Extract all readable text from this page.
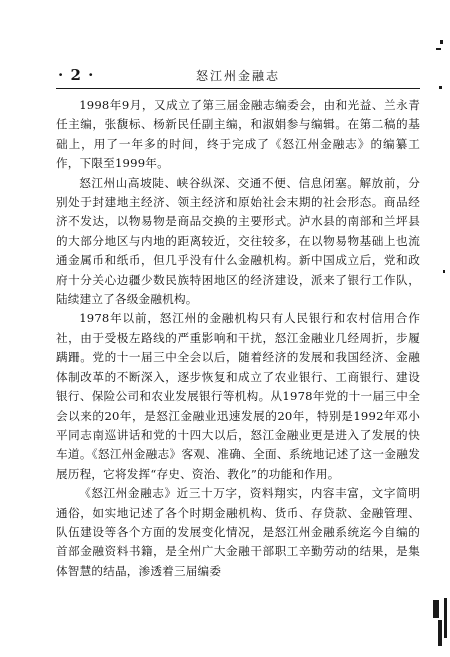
· 2 ·	怒江州金融志

1998年9月，又成立了第三届金融志编委会，由和光益、兰永青任主编，张馥标、杨新民任副主编，和淑娟参与编辑。在第二稿的基础上，用了一年多的时间，终于完成了《怒江州金融志》的编纂工作，下限至1999年。

怒江州山高坡陡、峡谷纵深、交通不便、信息闭塞。解放前，分别处于封建地主经济、领主经济和原始社会末期的社会形态。商品经济不发达，以物易物是商品交换的主要形式。泸水县的南部和兰坪县的大部分地区与内地的距离较近，交往较多，在以物易物基础上也流通金属币和纸币，但几乎没有什么金融机构。新中国成立后，党和政府十分关心边疆少数民族特困地区的经济建设，派来了银行工作队，陆续建立了各级金融机构。

1978年以前，怒江州的金融机构只有人民银行和农村信用合作社，由于受极左路线的严重影响和干扰，怒江金融业几经周折，步履蹒跚。党的十一届三中全会以后，随着经济的发展和我国经济、金融体制改革的不断深入，逐步恢复和成立了农业银行、工商银行、建设银行、保险公司和农业发展银行等机构。从1978年党的十一届三中全会以来的20年，是怒江金融业迅速发展的20年，特别是1992年邓小平同志南巡讲话和党的十四大以后，怒江金融业更是进入了发展的快车道。《怒江州金融志》客观、准确、全面、系统地记述了这一金融发展历程，它将发挥“存史、资治、教化”的功能和作用。

《怒江州金融志》近三十万字，资料翔实，内容丰富，文字简明通俗，如实地记述了各个时期金融机构、货币、存贷款、金融管理、队伍建设等各个方面的发展变化情况，是怒江州金融系统迄今自编的首部金融资料书籍，是全州广大金融干部职工辛勤劳动的结果，是集体智慧的结晶，渗透着三届编委
